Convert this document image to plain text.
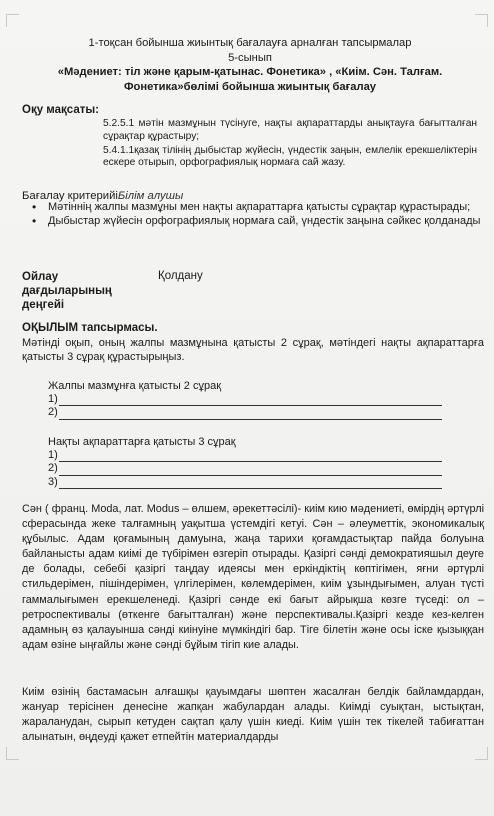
1-тоқсан бойынша жиынтық бағалауға арналған тапсырмалар
5-сынып
«Мәдениет: тіл және қарым-қатынас. Фонетика» , «Киім. Сән. Талғам.
Фонетика»бөлімі бойынша жиынтық бағалау
Оқу мақсаты:

5.2.5.1 мәтін мазмұнын түсінуге, нақты ақпараттарды анықтауға бағытталған сұрақтар құрастыру;

5.4.1.1қазақ тілінің дыбыстар жүйесін, үндестік заңын, емлелік ерекшеліктерін ескере отырып, орфографиялық нормаға сай жазу.

Бағалау критерийіБілім алушы
• Мәтіннің жалпы мазмұны мен нақты ақпараттарға қатысты сұрақтар құрастырады;
• Дыбыстар жүйесін орфографиялық нормаға сай, үндестік заңына сәйкес қолданады
Ойлау дағдыларының деңгейі
Қолдану
ОҚЫЛЫМ тапсырмасы.
Мәтінді оқып, оның жалпы мазмұнына қатысты 2 сұрақ, мәтіндегі нақты ақпараттарға қатысты 3 сұрақ құрастырыңыз.
Жалпы мазмұнға қатысты 2 сұрақ
1)
2)
Нақты ақпараттарға қатысты 3 сұрақ
1)
2)
3)
Сән ( франц. Moda, лат. Modus – өлшем, әрекеттәсілі)- киім кию мәдениеті, өмірдің әртүрлі сферасында жеке талғамның уақытша үстемдігі кетуі. Сән – әлеуметтік, экономикалық құбылыс. Адам қоғамының дамуына, жаңа тарихи қоғамдастықтар пайда болуына байланысты адам киімі де түбірімен өзгеріп отырады. Қазіргі сәнді демократияшыл деуге де болады, себебі қазіргі таңдау идеясы мен еркіндіктің көптігімен, яғни әртүрлі стильдерімен, пішіндерімен, үлгілерімен, көлемдерімен, киім ұзындығымен, алуан түсті гаммалығымен ерекшеленеді. Қазіргі сәнде екі бағыт айрықша көзге түседі: ол – ретроспективалы (өткенге бағытталған) және перспективалы.Қазіргі кезде кез-келген адамның өз қалауынша сәнді киінуіне мүмкіндігі бар. Тіге білетін және осы іске қызыққан адам өзіне ыңғайлы және сәнді бұйым тігіп кие алады.
Киім өзінің бастамасын алғашқы қауымдағы шөптен жасалған белдік байламдардан, жануар терісінен денесіне жапқан жабулардан алады. Киімді суықтан, ыстықтан, жараланудан, сырып кетуден сақтап қалу үшін киеді. Киім үшін тек тікелей табиғаттан алынатын, өңдеуді қажет етпейтін материалдарды
